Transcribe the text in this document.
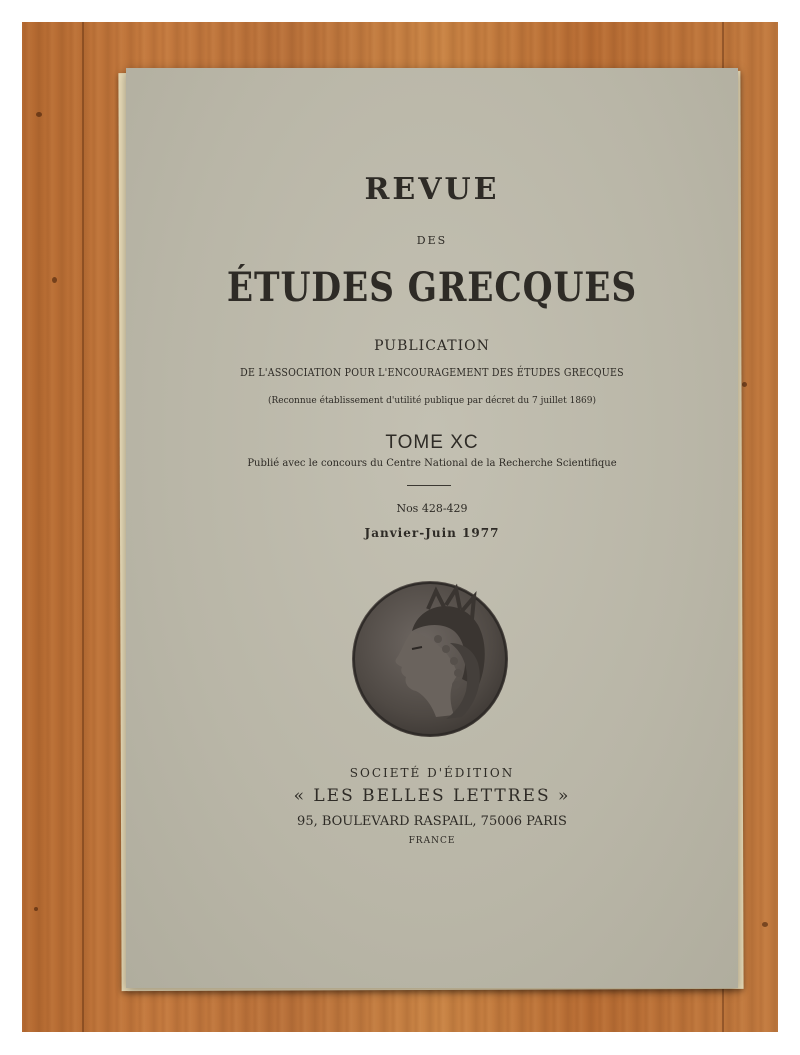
REVUE
DES
ÉTUDES GRECQUES
PUBLICATION
DE L'ASSOCIATION POUR L'ENCOURAGEMENT DES ÉTUDES GRECQUES
(Reconnue établissement d'utilité publique par décret du 7 juillet 1869)
TOME XC
Publié avec le concours du Centre National de la Recherche Scientifique
Nos 428-429
Janvier-Juin 1977
SOCIETÉ D'ÉDITION
« LES BELLES LETTRES »
95, BOULEVARD RASPAIL, 75006 PARIS
FRANCE
